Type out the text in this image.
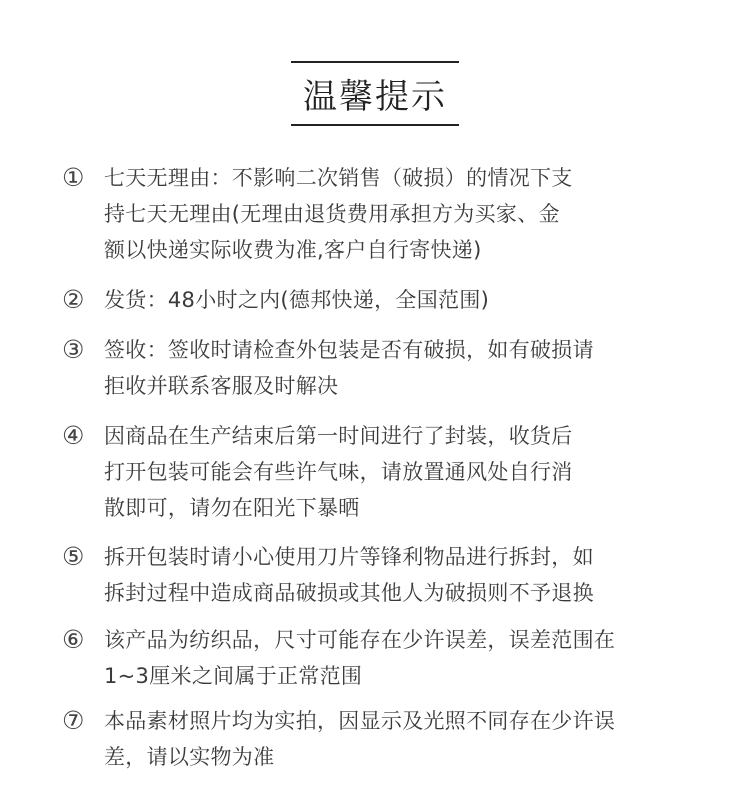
温馨提示
① 七天无理由：不影响二次销售（破损）的情况下支
持七天无理由(无理由退货费用承担方为买家、金
额以快递实际收费为准,客户自行寄快递)
② 发货：48小时之内(德邦快递，全国范围)
③ 签收：签收时请检查外包装是否有破损，如有破损请
拒收并联系客服及时解决
④ 因商品在生产结束后第一时间进行了封装，收货后
打开包装可能会有些许气味，请放置通风处自行消
散即可，请勿在阳光下暴晒
⑤ 拆开包装时请小心使用刀片等锋利物品进行拆封，如
拆封过程中造成商品破损或其他人为破损则不予退换
⑥ 该产品为纺织品，尺寸可能存在少许误差，误差范围在
1~3厘米之间属于正常范围
⑦ 本品素材照片均为实拍，因显示及光照不同存在少许误
差，请以实物为准
